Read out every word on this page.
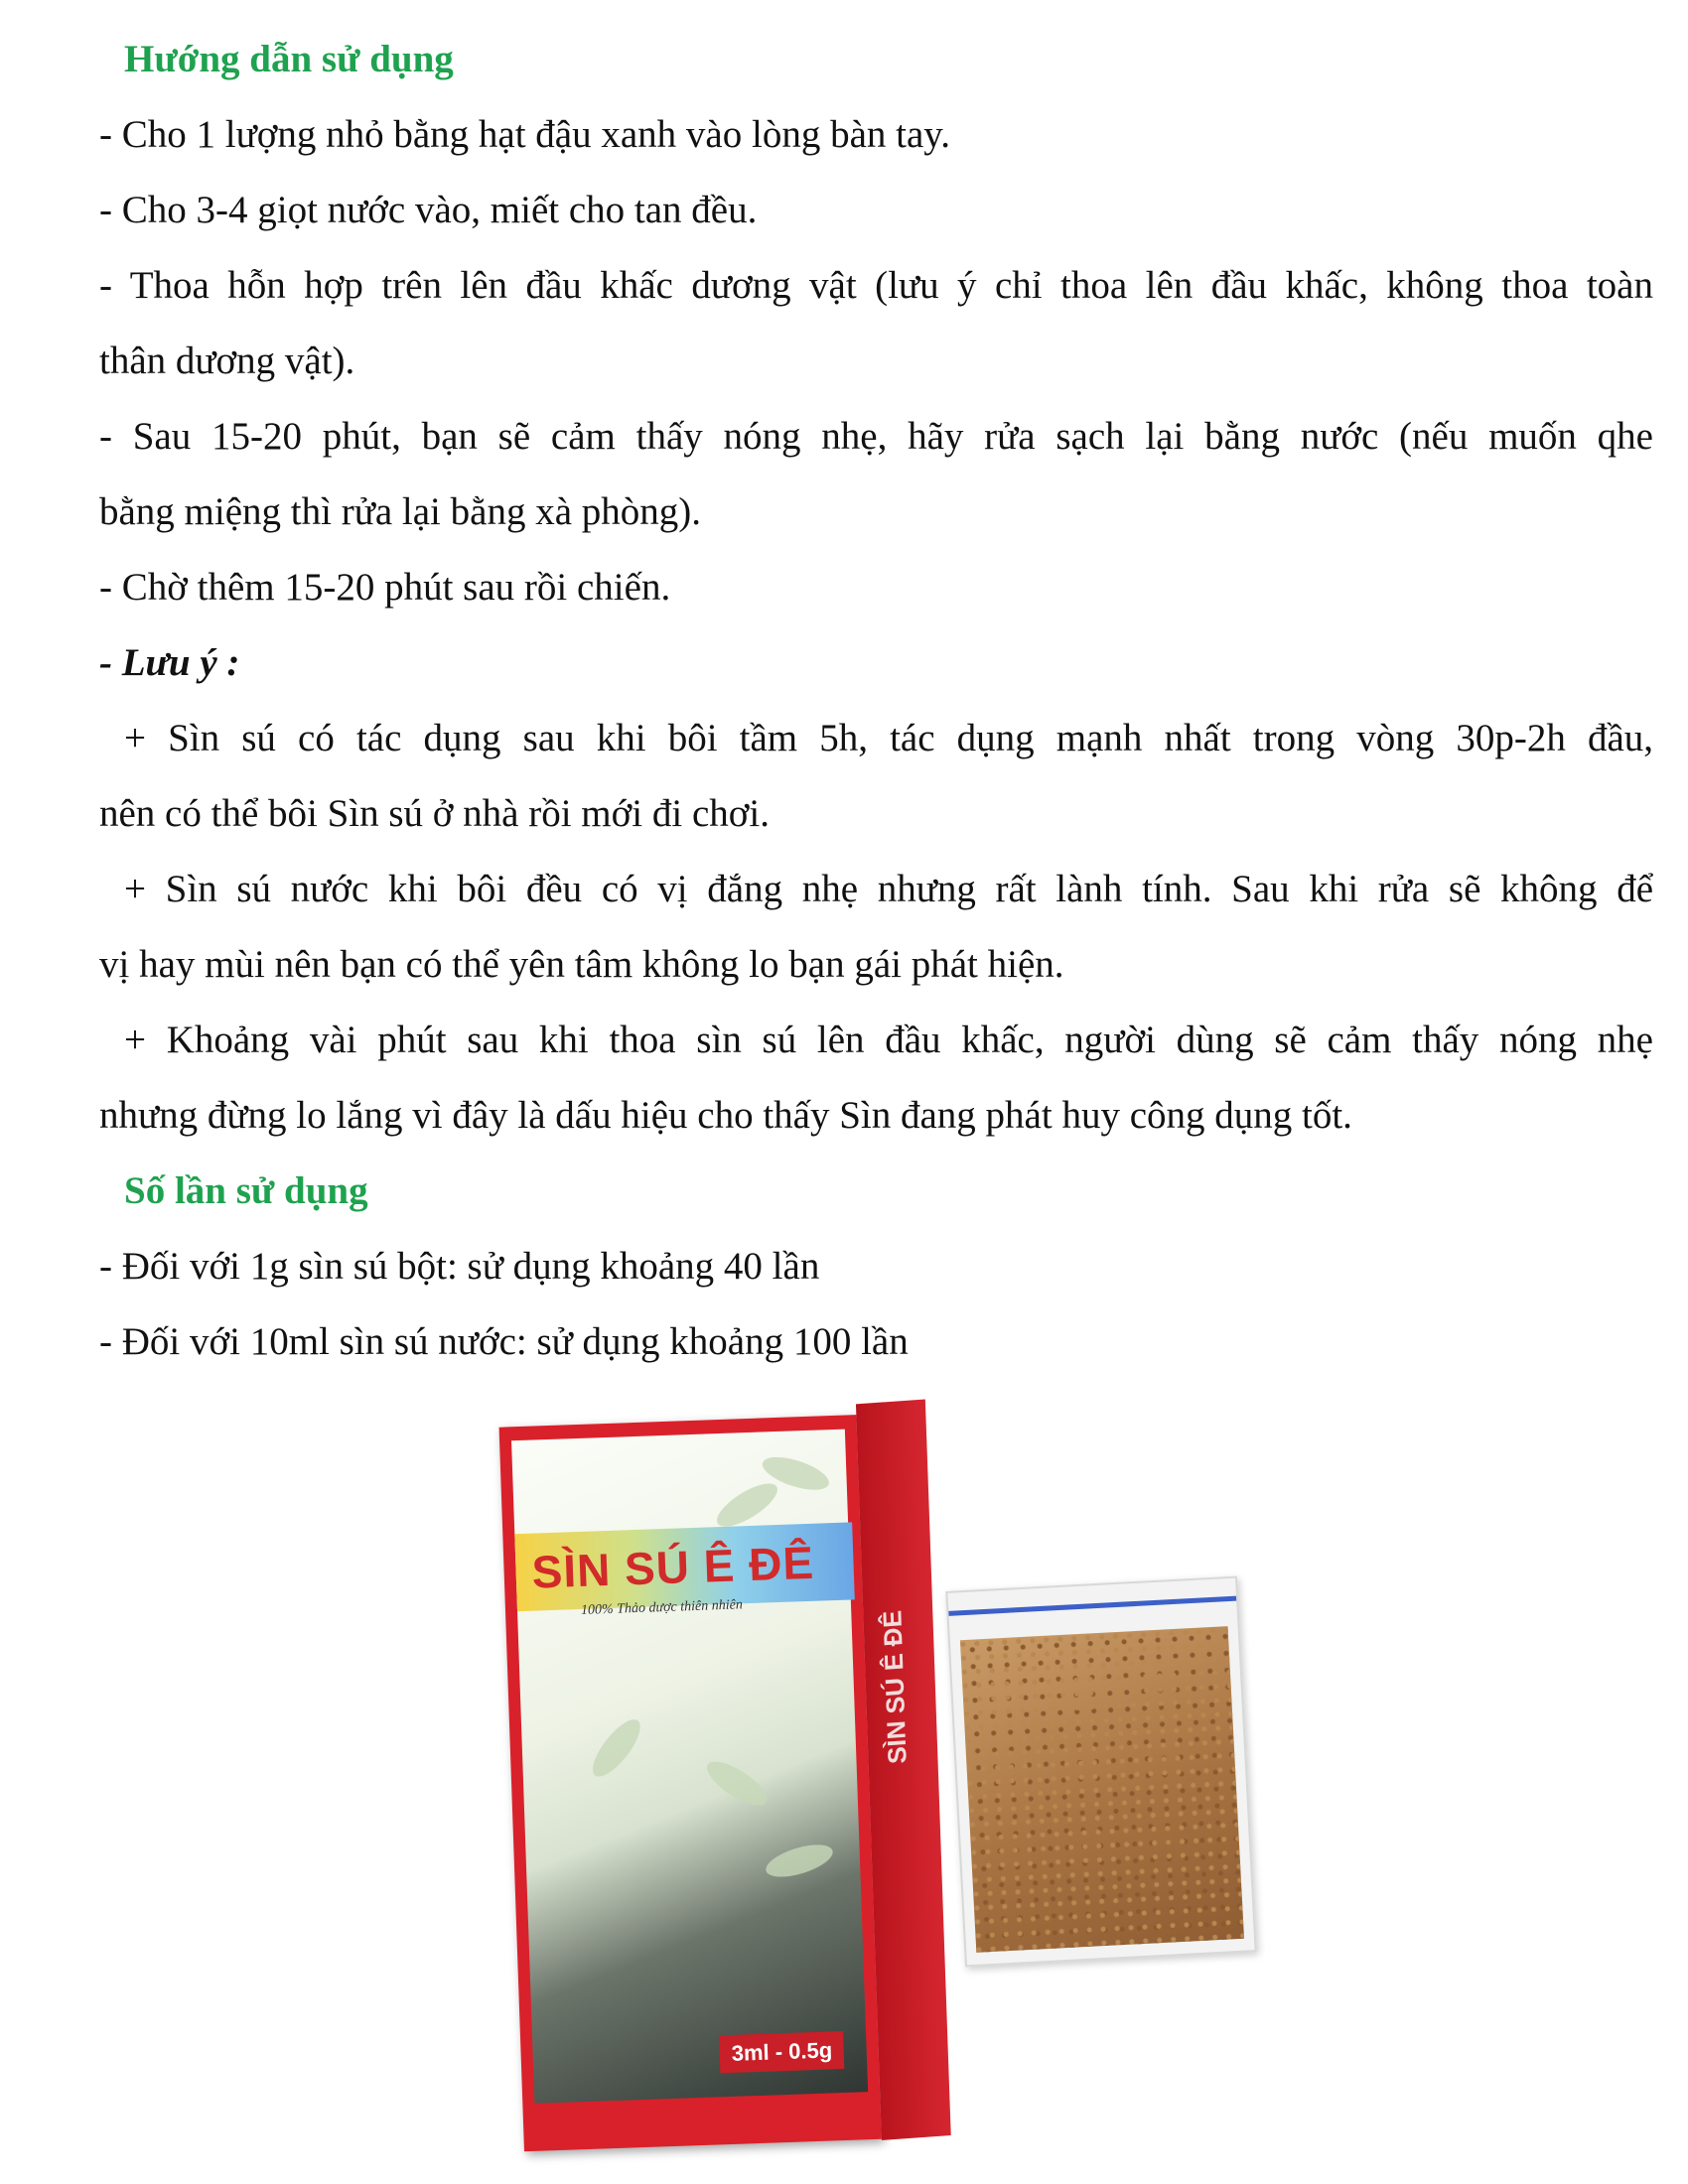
Hướng dẫn sử dụng

- Cho 1 lượng nhỏ bằng hạt đậu xanh vào lòng bàn tay.

- Cho 3-4 giọt nước vào, miết cho tan đều.

- Thoa hỗn hợp trên lên đầu khấc dương vật (lưu ý chỉ thoa lên đầu khấc, không thoa toàn

thân dương vật).

- Sau 15-20 phút, bạn sẽ cảm thấy nóng nhẹ, hãy rửa sạch lại bằng nước (nếu muốn qhe

bằng miệng thì rửa lại bằng xà phòng).

- Chờ thêm 15-20 phút sau rồi chiến.

- Lưu ý :

+ Sìn sú có tác dụng sau khi bôi tầm 5h, tác dụng mạnh nhất trong vòng 30p-2h đầu,

nên có thể bôi Sìn sú ở nhà rồi mới đi chơi.

+ Sìn sú nước khi bôi đều có vị đắng nhẹ nhưng rất lành tính. Sau khi rửa sẽ không để

vị hay mùi nên bạn có thể yên tâm không lo bạn gái phát hiện.

+ Khoảng vài phút sau khi thoa sìn sú lên đầu khấc, người dùng sẽ cảm thấy nóng nhẹ

nhưng đừng lo lắng vì đây là dấu hiệu cho thấy Sìn đang phát huy công dụng tốt.

Số lần sử dụng

- Đối với 1g sìn sú bột: sử dụng khoảng 40 lần

- Đối với 10ml sìn sú nước: sử dụng khoảng 100 lần

SÌN SÚ Ê ĐÊ
100% Thảo dược thiên nhiên
3ml - 0.5g
SÌN SÚ Ê ĐÊ
